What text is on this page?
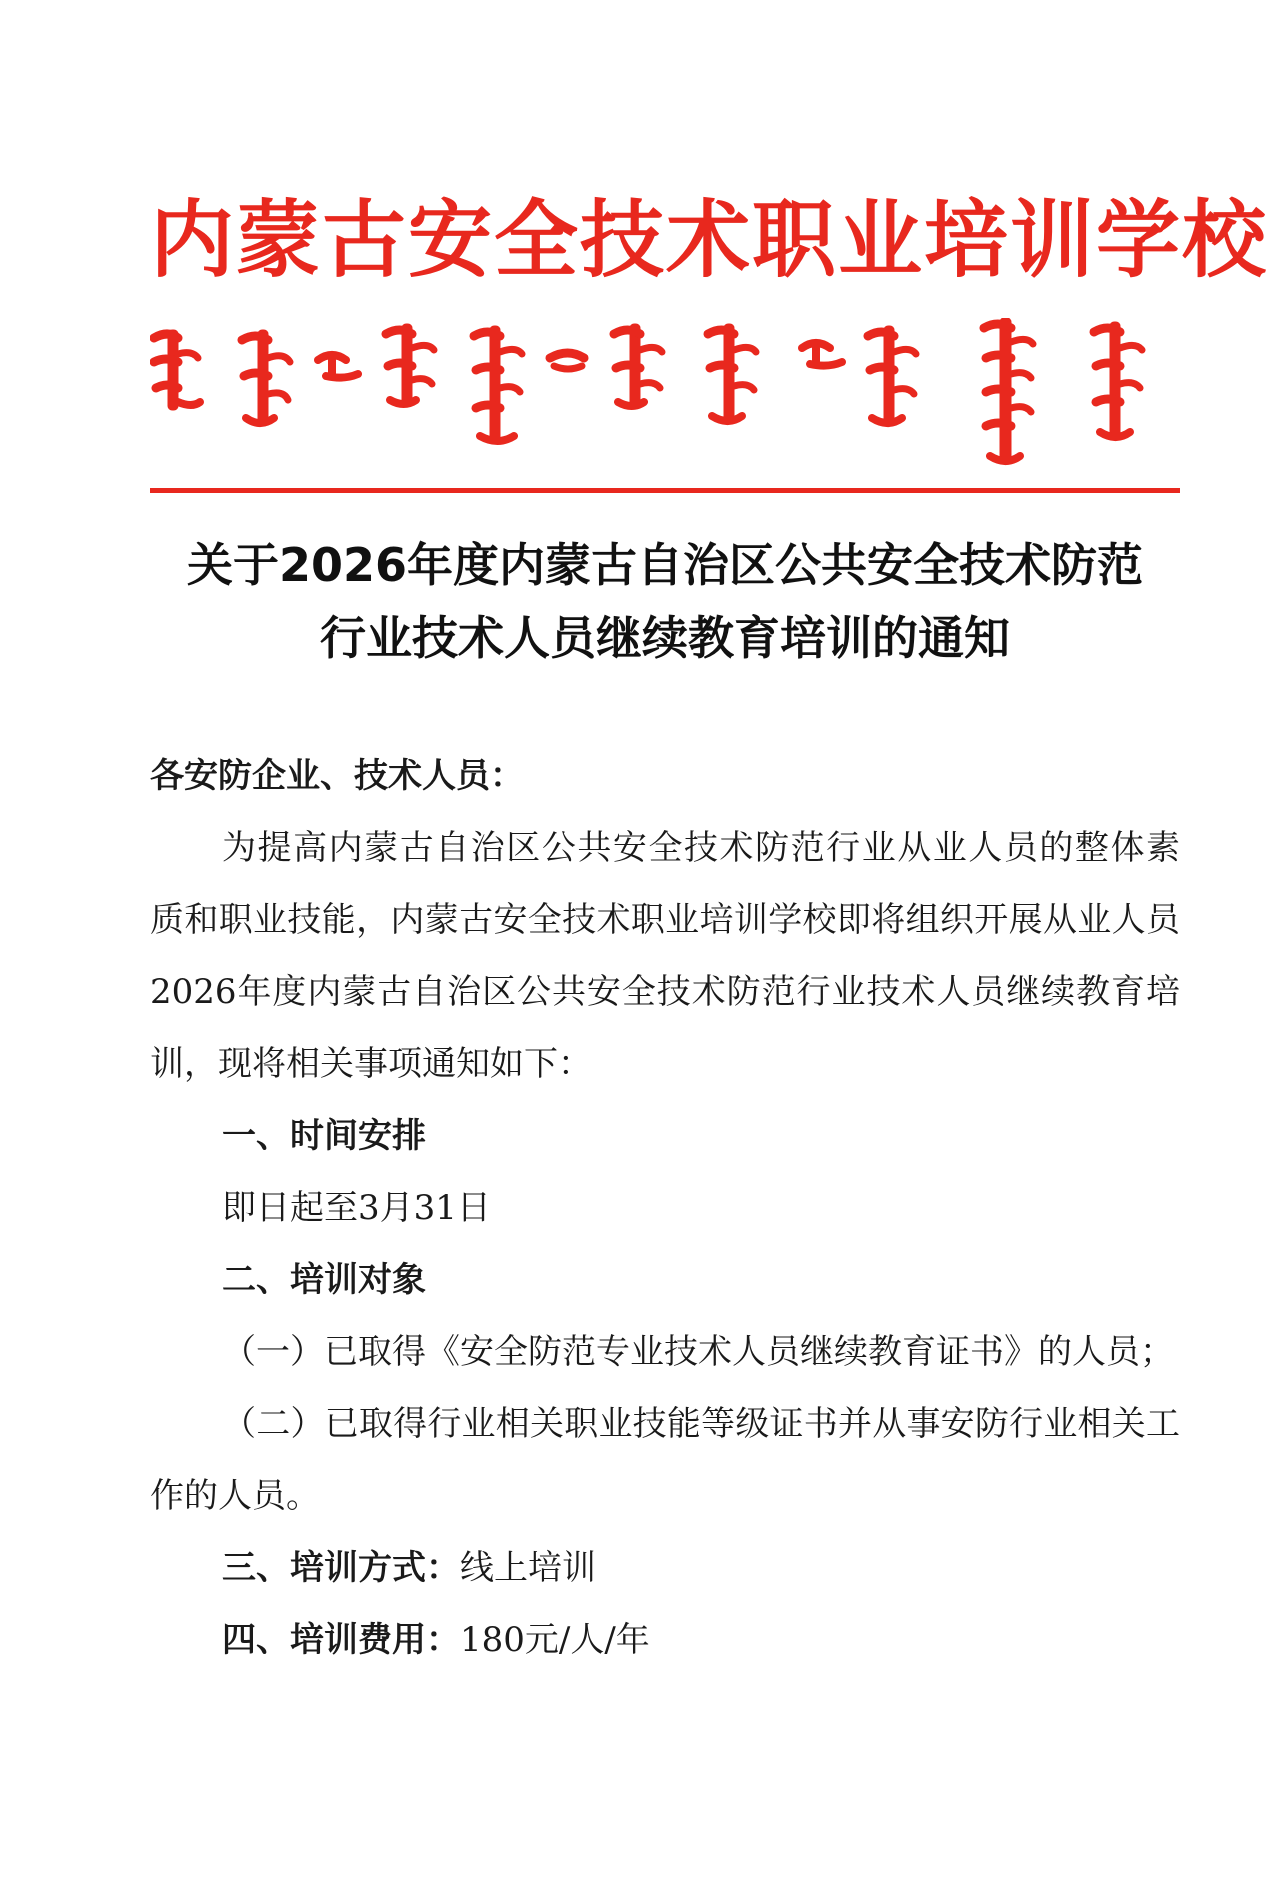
内蒙古安全技术职业培训学校
关于2026年度内蒙古自治区公共安全技术防范
行业技术人员继续教育培训的通知
各安防企业、技术人员：
为提高内蒙古自治区公共安全技术防范行业从业人员的整体素
质和职业技能，内蒙古安全技术职业培训学校即将组织开展从业人员
2026年度内蒙古自治区公共安全技术防范行业技术人员继续教育培
训，现将相关事项通知如下：
一、时间安排
即日起至3月31日
二、培训对象
（一）已取得《安全防范专业技术人员继续教育证书》的人员；
（二）已取得行业相关职业技能等级证书并从事安防行业相关工
作的人员。
三、培训方式：线上培训
四、培训费用：180元/人/年
